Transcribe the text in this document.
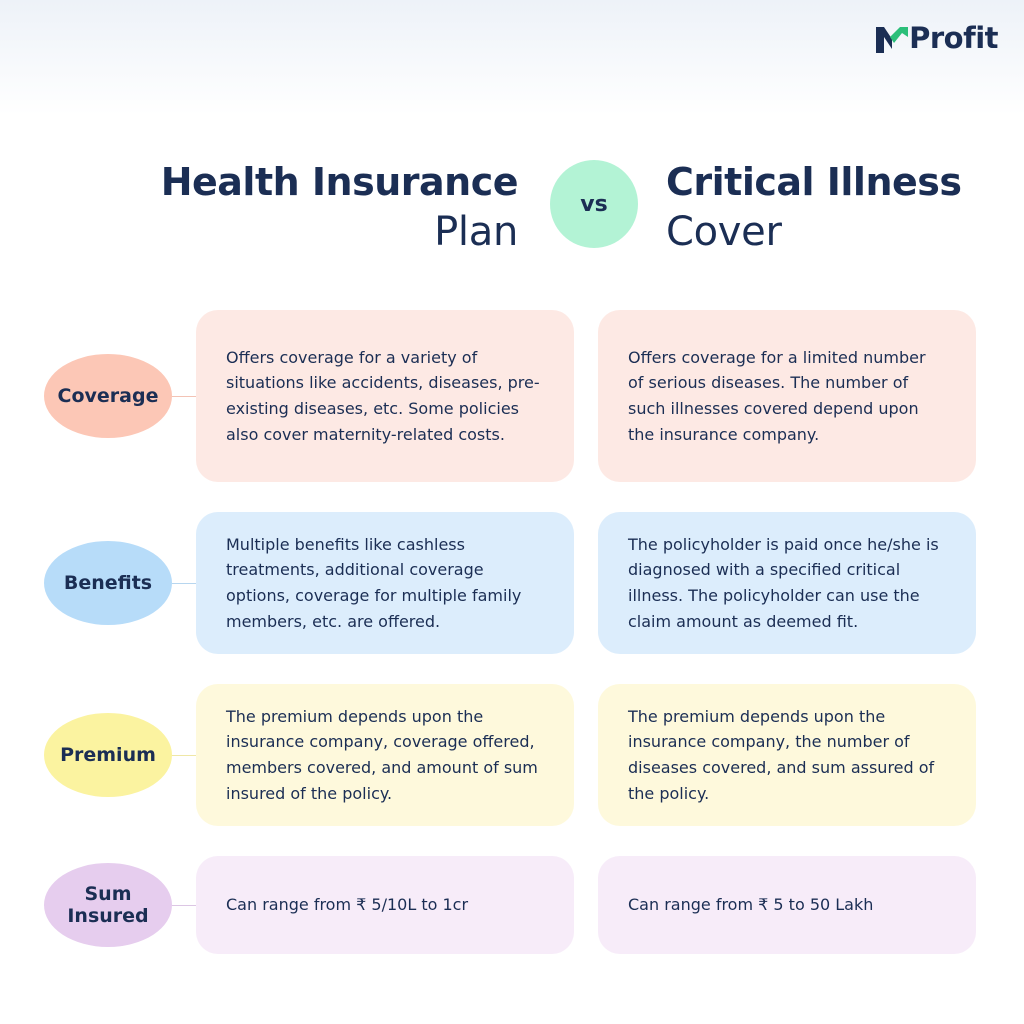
Profit
Health Insurance
Plan
vs	Critical Illness
Cover
Coverage
Offers coverage for a variety of situations like accidents, diseases, pre-existing diseases, etc. Some policies also cover maternity-related costs.
Offers coverage for a limited number of serious diseases. The number of such illnesses covered depend upon the insurance company.
Benefits
Multiple benefits like cashless treatments, additional coverage options, coverage for multiple family members, etc. are offered.
The policyholder is paid once he/she is diagnosed with a specified critical illness. The policyholder can use the claim amount as deemed fit.
Premium
The premium depends upon the insurance company, coverage offered, members covered, and amount of sum insured of the policy.
The premium depends upon the insurance company, the number of diseases covered, and sum assured of the policy.
Sum
Insured
Can range from ₹ 5/10L to 1cr	Can range from ₹ 5 to 50 Lakh
